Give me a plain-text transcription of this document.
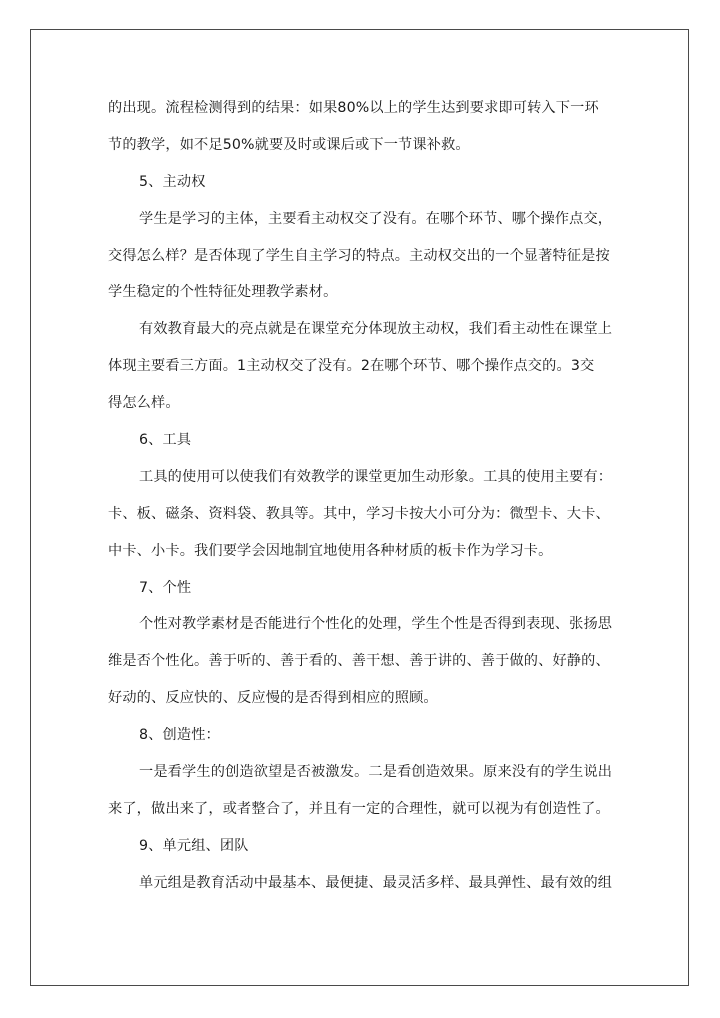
的出现。流程检测得到的结果：如果80%以上的学生达到要求即可转入下一环
节的教学，如不足50%就要及时或课后或下一节课补救。
5、主动权
学生是学习的主体，主要看主动权交了没有。在哪个环节、哪个操作点交，
交得怎么样？是否体现了学生自主学习的特点。主动权交出的一个显著特征是按
学生稳定的个性特征处理教学素材。
有效教育最大的亮点就是在课堂充分体现放主动权，我们看主动性在课堂上
体现主要看三方面。1主动权交了没有。2在哪个环节、哪个操作点交的。3交
得怎么样。
6、工具
工具的使用可以使我们有效教学的课堂更加生动形象。工具的使用主要有：
卡、板、磁条、资料袋、教具等。其中，学习卡按大小可分为：微型卡、大卡、
中卡、小卡。我们要学会因地制宜地使用各种材质的板卡作为学习卡。
7、个性
个性对教学素材是否能进行个性化的处理，学生个性是否得到表现、张扬思
维是否个性化。善于听的、善于看的、善干想、善于讲的、善于做的、好静的、
好动的、反应快的、反应慢的是否得到相应的照顾。
8、创造性：
一是看学生的创造欲望是否被激发。二是看创造效果。原来没有的学生说出
来了，做出来了，或者整合了，并且有一定的合理性，就可以视为有创造性了。
9、单元组、团队
单元组是教育活动中最基本、最便捷、最灵活多样、最具弹性、最有效的组
